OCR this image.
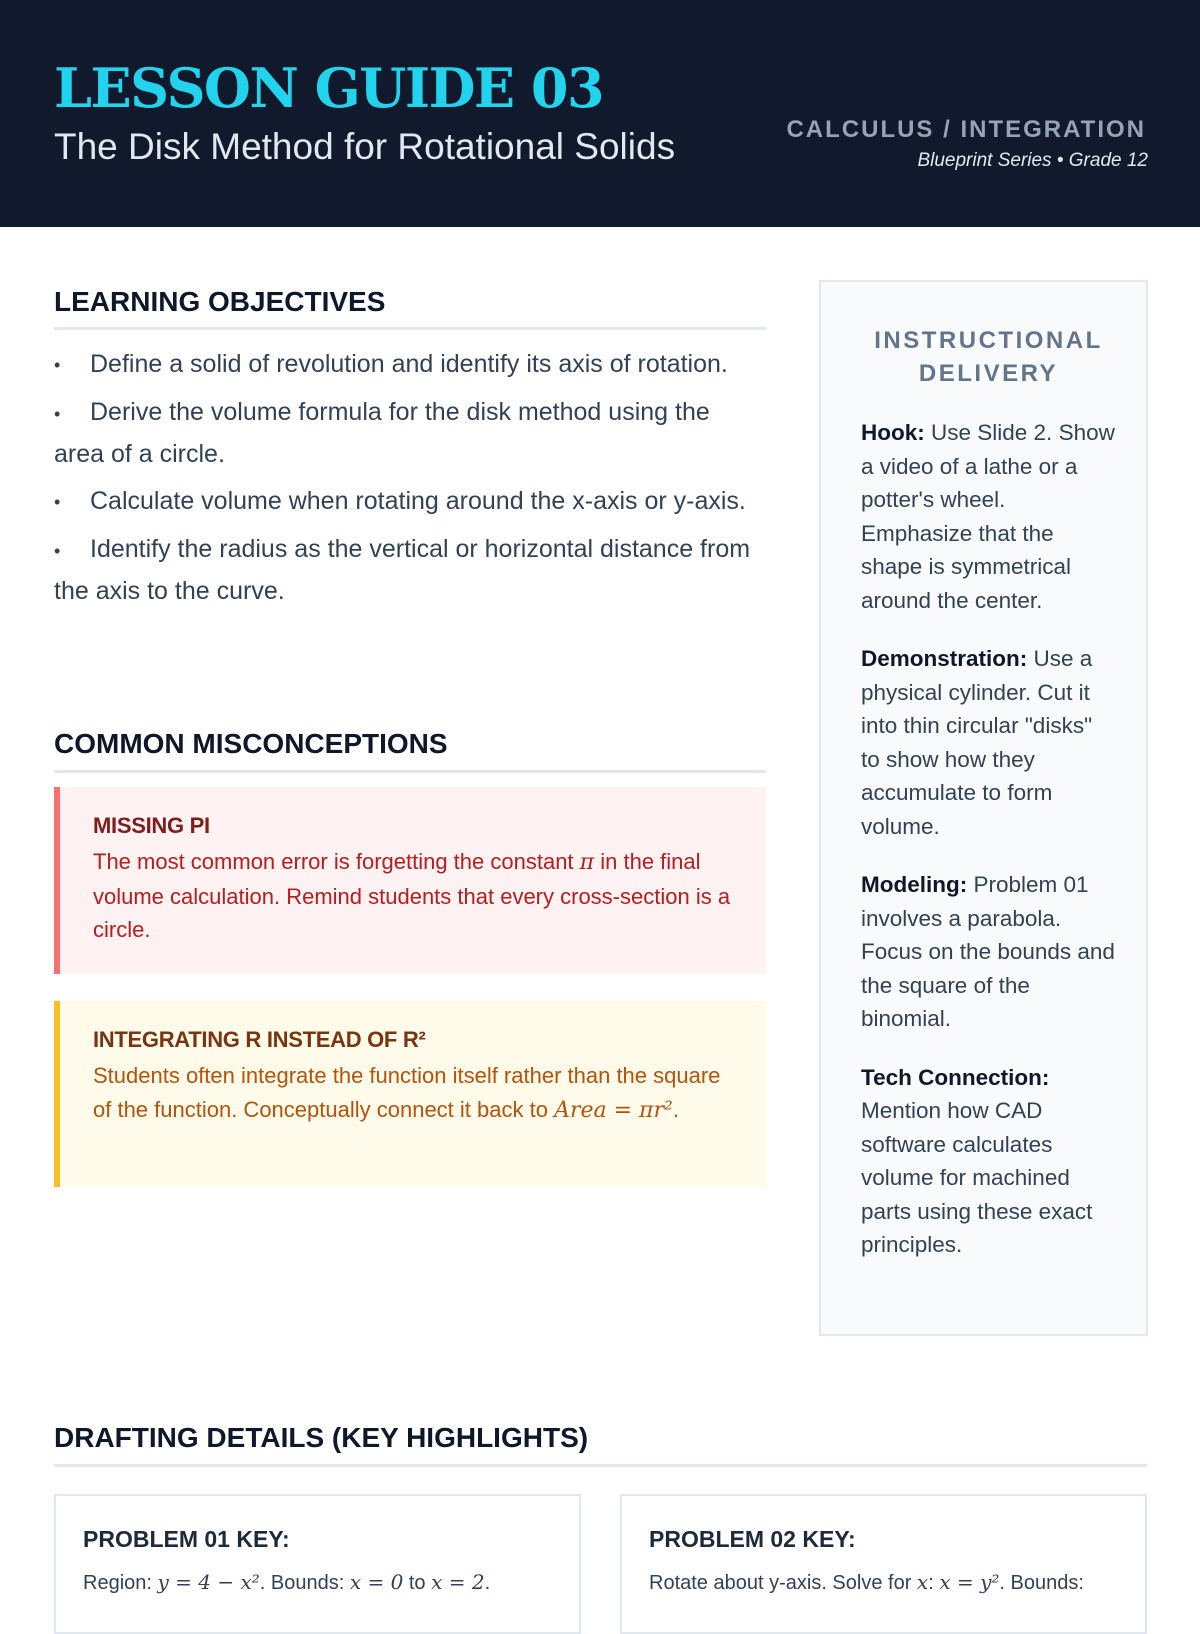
LESSON GUIDE 03
The Disk Method for Rotational Solids	CALCULUS / INTEGRATION
Blueprint Series • Grade 12
LEARNING OBJECTIVES
• Define a solid of revolution and identify its axis of rotation.
• Derive the volume formula for the disk method using the area of a circle.
• Calculate volume when rotating around the x-axis or y-axis.
• Identify the radius as the vertical or horizontal distance from the axis to the curve.
COMMON MISCONCEPTIONS
MISSING PI
The most common error is forgetting the constant π in the final volume calculation. Remind students that every cross-section is a circle.
INTEGRATING R INSTEAD OF R²
Students often integrate the function itself rather than the square of the function. Conceptually connect it back to Area = πr².
INSTRUCTIONAL DELIVERY
Hook: Use Slide 2. Show a video of a lathe or a potter's wheel. Emphasize that the shape is symmetrical around the center.
Demonstration: Use a physical cylinder. Cut it into thin circular "disks" to show how they accumulate to form volume.
Modeling: Problem 01 involves a parabola. Focus on the bounds and the square of the binomial.
Tech Connection: Mention how CAD software calculates volume for machined parts using these exact principles.
DRAFTING DETAILS (KEY HIGHLIGHTS)
PROBLEM 01 KEY:
Region: y = 4 − x². Bounds: x = 0 to x = 2.
PROBLEM 02 KEY:
Rotate about y-axis. Solve for x: x = y². Bounds:
